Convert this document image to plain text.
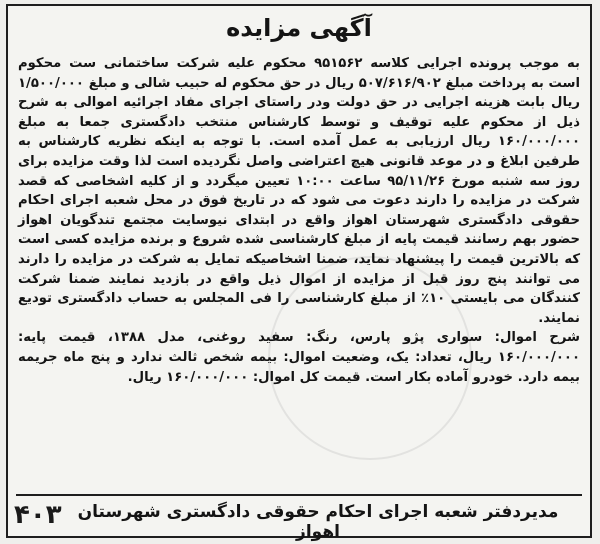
آگهی مزایده

به موجب پرونده اجرایی کلاسه ۹۵۱۵۶۲ محکوم علیه شرکت ساختمانی ست محکوم است به پرداخت مبلغ ۵۰۷/۶۱۶/۹۰۲ ریال در حق محکوم له حبیب شالی و مبلغ ۱/۵۰۰/۰۰۰ ریال بابت هزینه اجرایی در حق دولت ودر راستای اجرای مفاد اجرائیه اموالی به شرح ذیل از محکوم علیه توقیف و توسط کارشناس منتخب دادگستری جمعا به مبلغ ۱۶۰/۰۰۰/۰۰۰ ریال ارزیابی به عمل آمده است. با توجه به اینکه نظریه کارشناس به طرفین ابلاغ و در موعد قانونی هیچ اعتراضی واصل نگردیده است لذا وقت مزایده برای روز سه شنبه مورخ ۹۵/۱۱/۲۶ ساعت ۱۰:۰۰ تعیین میگردد و از کلیه اشخاصی که قصد شرکت در مزایده را دارند دعوت می شود که در تاریخ فوق در محل شعبه اجرای احکام حقوقی دادگستری شهرستان اهواز واقع در ابتدای نیوسایت مجتمع تندگویان اهواز حضور بهم رسانند قیمت پایه از مبلغ کارشناسی شده شروع و برنده مزایده کسی است که بالاترین قیمت را پیشنهاد نماید، ضمنا اشخاصیکه تمایل به شرکت در مزایده را دارند می توانند پنج روز قبل از مزایده از اموال ذیل واقع در بازدید نمایند ضمنا شرکت کنندگان می بایستی ۱۰٪ از مبلغ کارشناسی را فی المجلس به حساب دادگستری تودیع نمایند.

شرح اموال: سواری پژو پارس، رنگ: سفید روغنی، مدل ۱۳۸۸، قیمت پایه: ۱۶۰/۰۰۰/۰۰۰ ریال، تعداد: یک، وضعیت اموال: بیمه شخص ثالث ندارد و پنج ماه جریمه بیمه دارد. خودرو آماده بکار است. قیمت کل اموال: ۱۶۰/۰۰۰/۰۰۰ ریال.

مدیردفتر شعبه اجرای احکام حقوقی دادگستری شهرستان اهواز
۴۰۳
